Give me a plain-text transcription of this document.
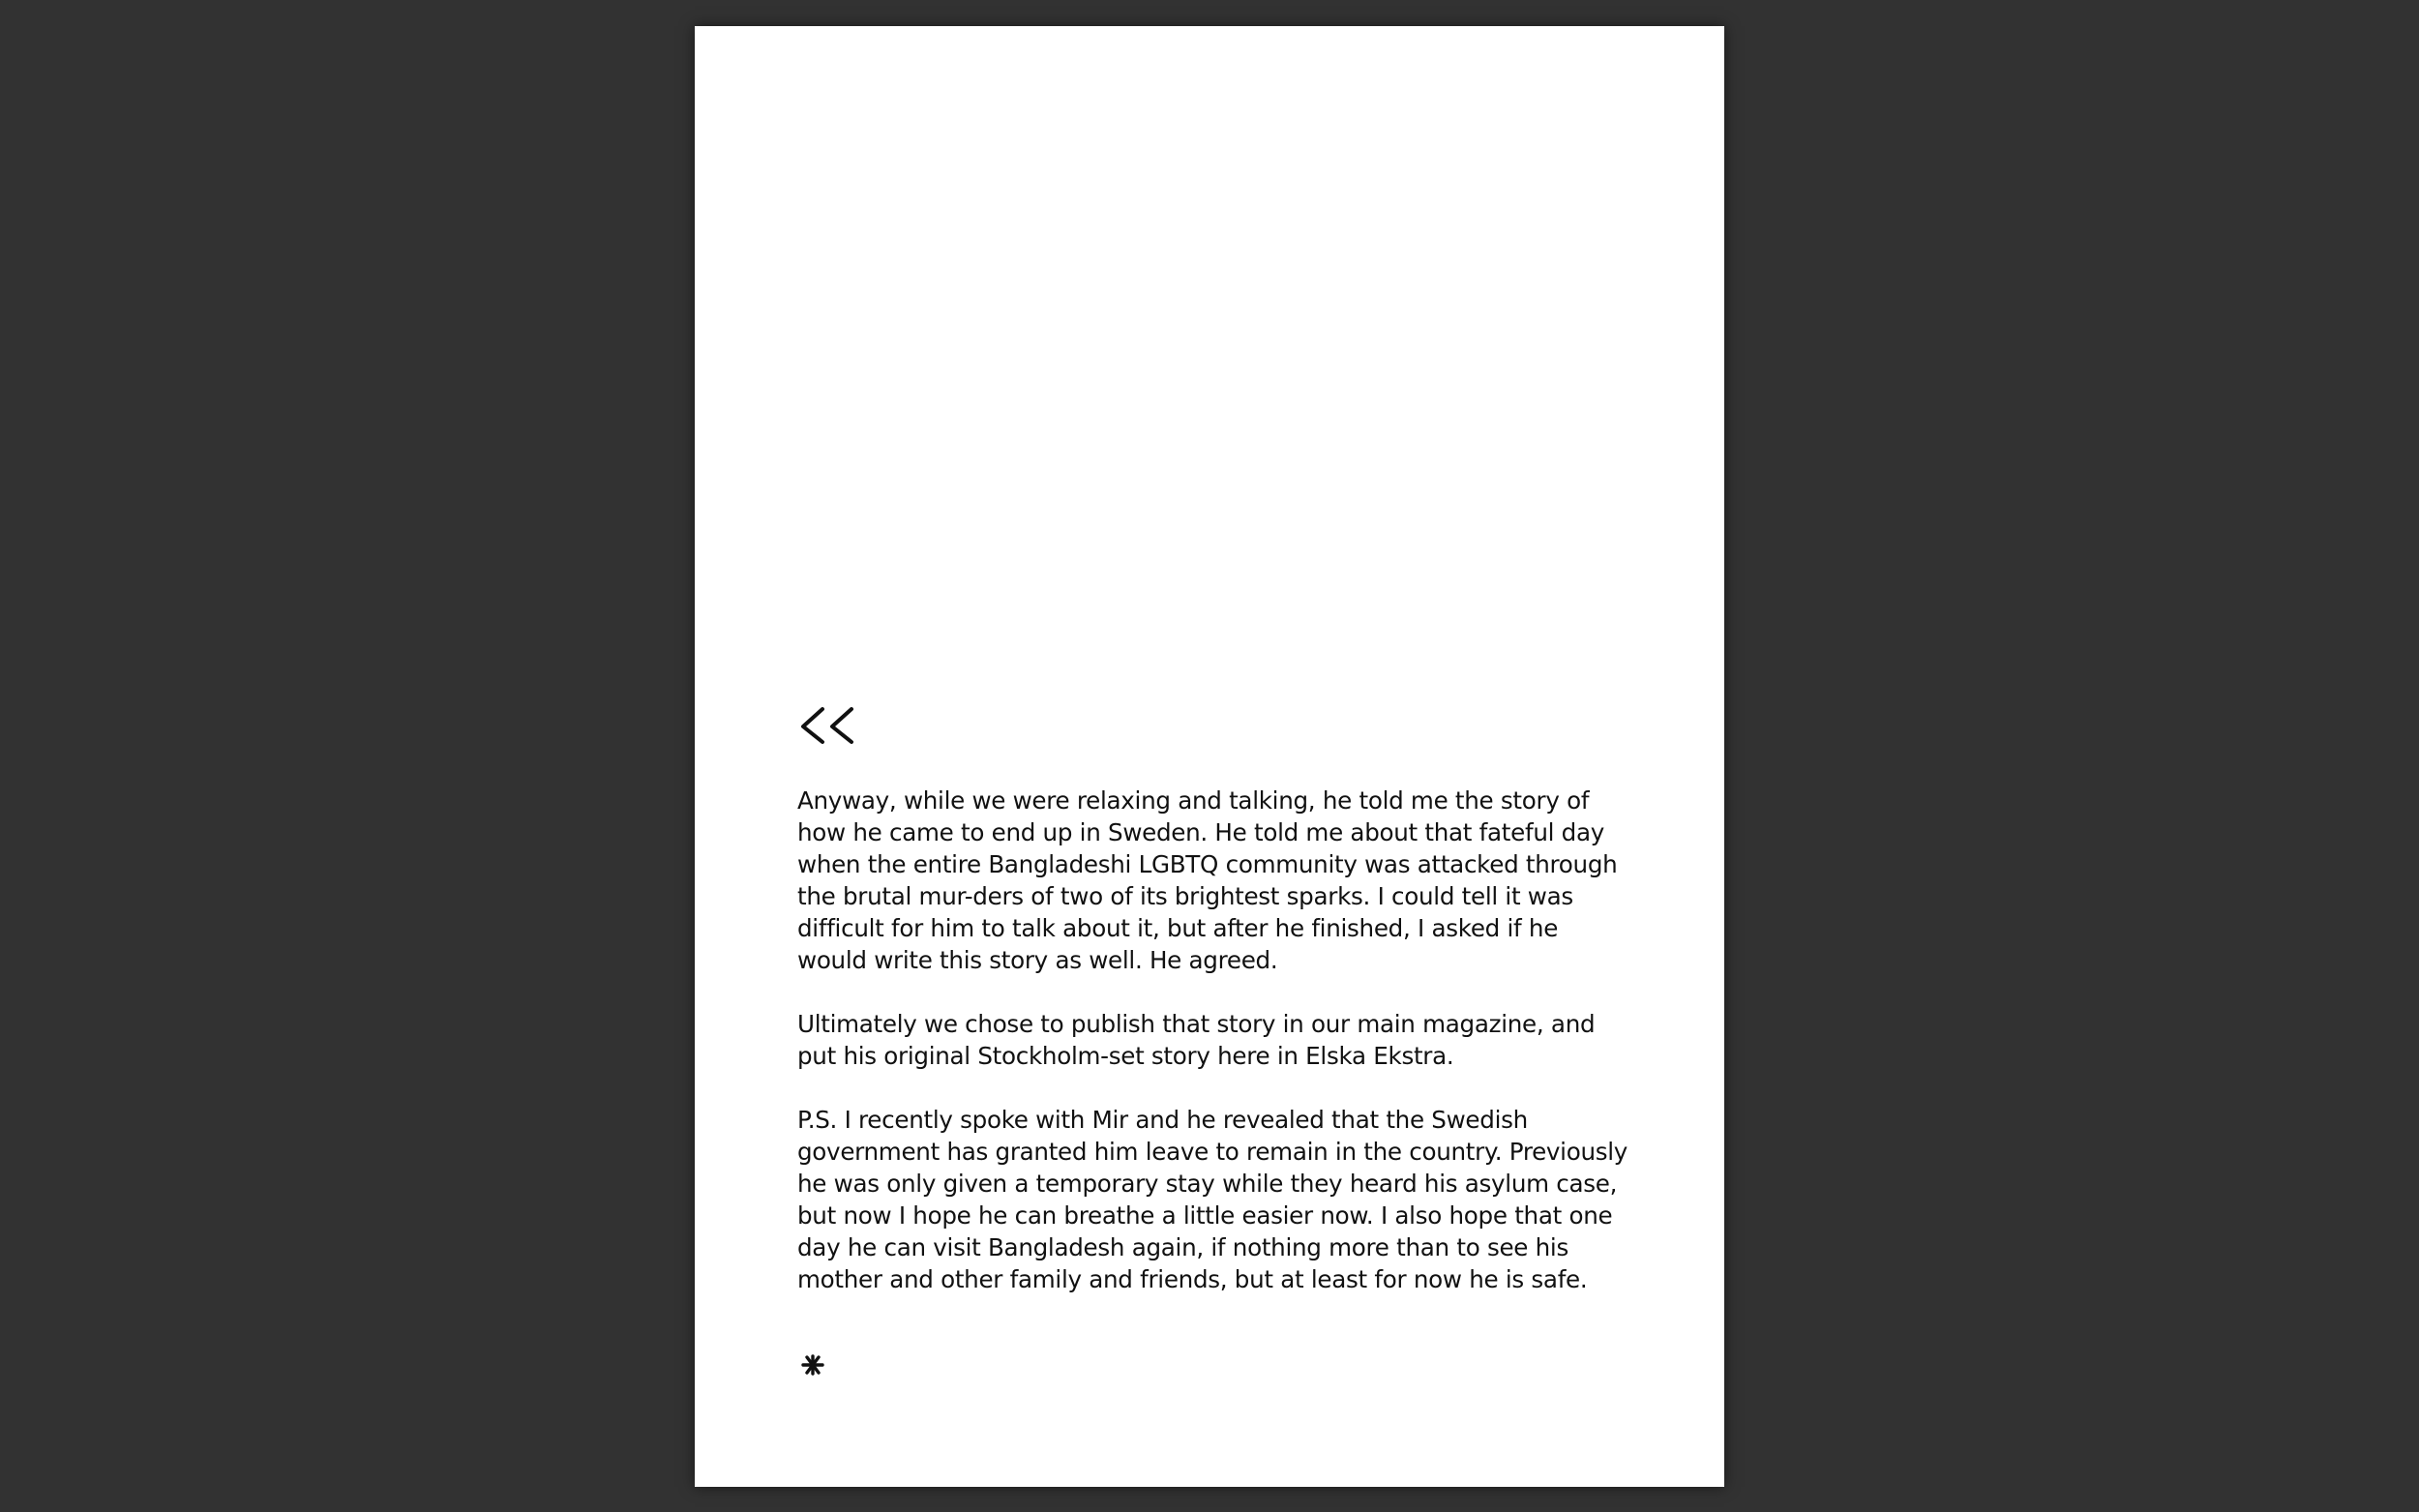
Anyway, while we were relaxing and talking, he told me the story of how he came to end up in Sweden. He told me about that fateful day when the entire Bangladeshi LGBTQ community was attacked through the brutal mur-ders of two of its brightest sparks. I could tell it was difficult for him to talk about it, but after he finished, I asked if he would write this story as well. He agreed.

Ultimately we chose to publish that story in our main magazine, and put his original Stockholm-set story here in Elska Ekstra.

P.S. I recently spoke with Mir and he revealed that the Swedish government has granted him leave to remain in the country. Previously he was only given a temporary stay while they heard his asylum case, but now I hope he can breathe a little easier now. I also hope that one day he can visit Bangladesh again, if nothing more than to see his mother and other family and friends, but at least for now he is safe.
